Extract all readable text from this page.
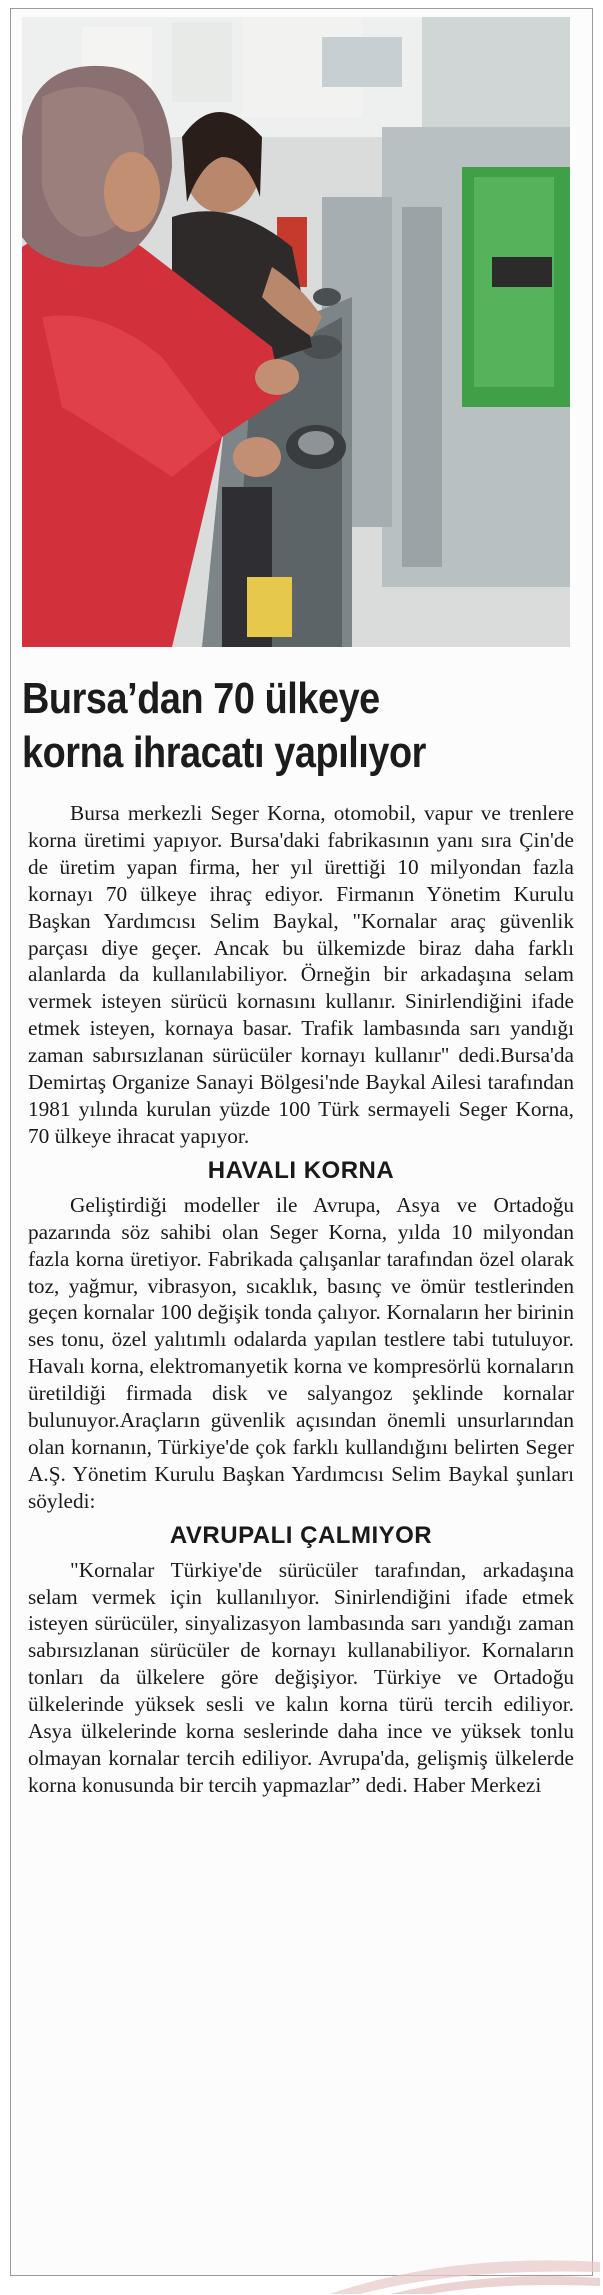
Bursa’dan 70 ülkeye
korna ihracatı yapılıyor

Bursa merkezli Seger Korna, otomobil, vapur ve trenlere korna üretimi yapıyor. Bursa'daki fabrikasının yanı sıra Çin'de de üretim yapan firma, her yıl ürettiği 10 milyondan fazla kornayı 70 ülkeye ihraç ediyor. Firmanın Yönetim Kurulu Başkan Yardımcısı Selim Baykal, "Kornalar araç güvenlik parçası diye geçer. Ancak bu ülkemizde biraz daha farklı alanlarda da kullanılabiliyor. Örneğin bir arkadaşına selam vermek isteyen sürücü kornasını kullanır. Sinirlendiğini ifade etmek isteyen, kornaya basar. Trafik lambasında sarı yandığı zaman sabırsızlanan sürücüler kornayı kullanır" dedi.Bursa'da Demirtaş Organize Sanayi Bölgesi'nde Baykal Ailesi tarafından 1981 yılında kurulan yüzde 100 Türk sermayeli Seger Korna, 70 ülkeye ihracat yapıyor.

HAVALI KORNA

Geliştirdiği modeller ile Avrupa, Asya ve Ortadoğu pazarında söz sahibi olan Seger Korna, yılda 10 milyondan fazla korna üretiyor. Fabrikada çalışanlar tarafından özel olarak toz, yağmur, vibrasyon, sıcaklık, basınç ve ömür testlerinden geçen kornalar 100 değişik tonda çalıyor. Kornaların her birinin ses tonu, özel yalıtımlı odalarda yapılan testlere tabi tutuluyor. Havalı korna, elektromanyetik korna ve kompresörlü kornaların üretildiği firmada disk ve salyangoz şeklinde kornalar bulunuyor.Araçların güvenlik açısından önemli unsurlarından olan kornanın, Türkiye'de çok farklı kullandığını belirten Seger A.Ş. Yönetim Kurulu Başkan Yardımcısı Selim Baykal şunları söyledi:

AVRUPALI ÇALMIYOR

"Kornalar Türkiye'de sürücüler tarafından, arkadaşına selam vermek için kullanılıyor. Sinirlendiğini ifade etmek isteyen sürücüler, sinyalizasyon lambasında sarı yandığı zaman sabırsızlanan sürücüler de kornayı kullanabiliyor. Kornaların tonları da ülkelere göre değişiyor. Türkiye ve Ortadoğu ülkelerinde yüksek sesli ve kalın korna türü tercih ediliyor. Asya ülkelerinde korna seslerinde daha ince ve yüksek tonlu olmayan kornalar tercih ediliyor. Avrupa'da, gelişmiş ülkelerde korna konusunda bir tercih yapmazlar” dedi. Haber Merkezi
